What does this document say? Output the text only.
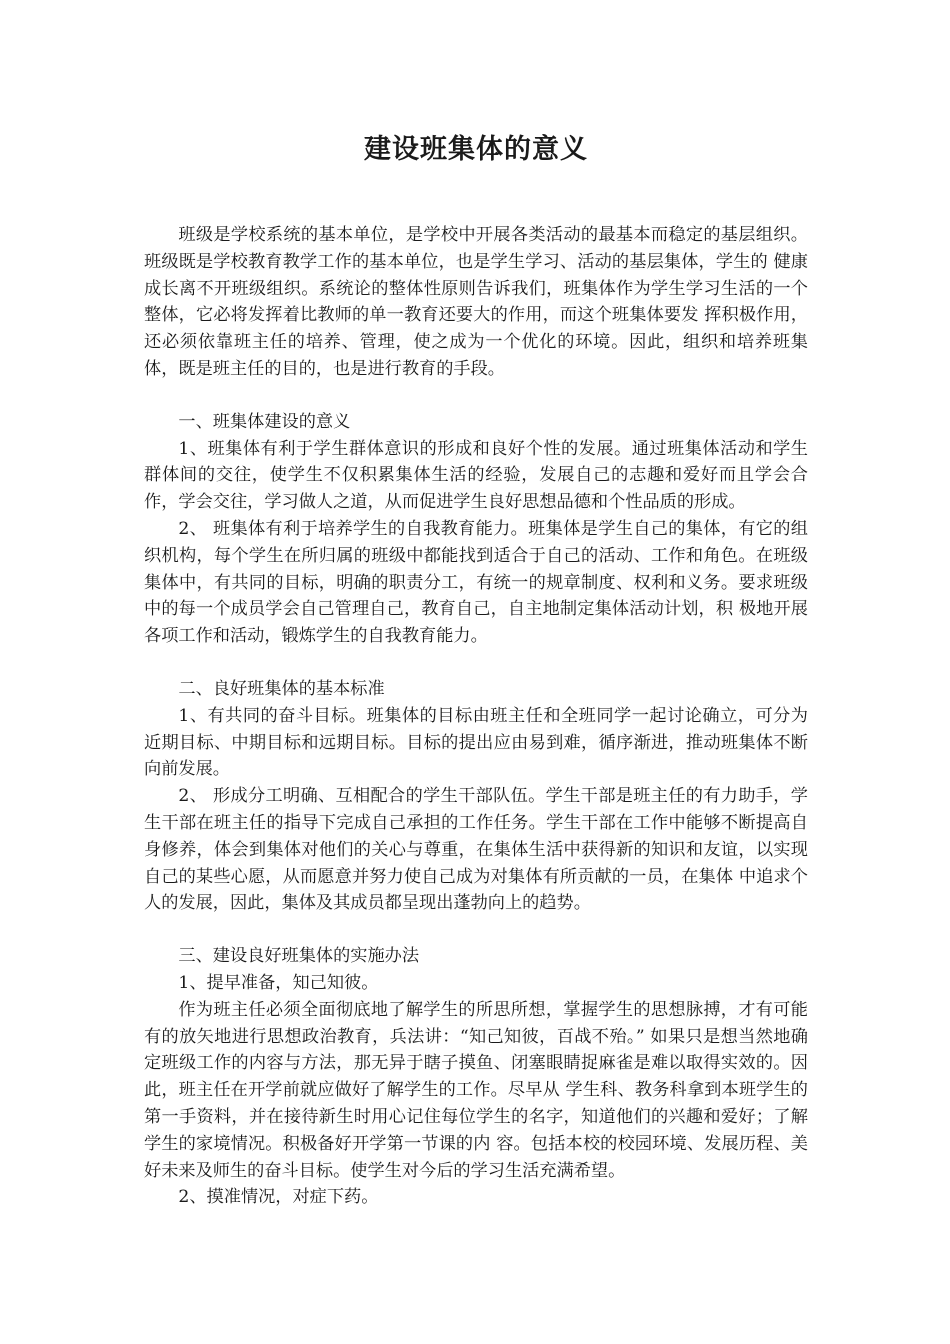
建设班集体的意义

班级是学校系统的基本单位，是学校中开展各类活动的最基本而稳定的基层组织。班级既是学校教育教学工作的基本单位，也是学生学习、活动的基层集体，学生的 健康成长离不开班级组织。系统论的整体性原则告诉我们，班集体作为学生学习生活的一个整体，它必将发挥着比教师的单一教育还要大的作用，而这个班集体要发 挥积极作用，还必须依靠班主任的培养、管理，使之成为一个优化的环境。因此，组织和培养班集体，既是班主任的目的，也是进行教育的手段。

一、班集体建设的意义

1、班集体有利于学生群体意识的形成和良好个性的发展。通过班集体活动和学生群体间的交往，使学生不仅积累集体生活的经验，发展自己的志趣和爱好而且学会合作，学会交往，学习做人之道，从而促进学生良好思想品德和个性品质的形成。

2、 班集体有利于培养学生的自我教育能力。班集体是学生自己的集体，有它的组织机构，每个学生在所归属的班级中都能找到适合于自己的活动、工作和角色。在班级 集体中，有共同的目标，明确的职责分工，有统一的规章制度、权利和义务。要求班级中的每一个成员学会自己管理自己，教育自己，自主地制定集体活动计划，积 极地开展各项工作和活动，锻炼学生的自我教育能力。

二、良好班集体的基本标准

1、有共同的奋斗目标。班集体的目标由班主任和全班同学一起讨论确立，可分为近期目标、中期目标和远期目标。目标的提出应由易到难，循序渐进，推动班集体不断向前发展。

2、 形成分工明确、互相配合的学生干部队伍。学生干部是班主任的有力助手，学生干部在班主任的指导下完成自己承担的工作任务。学生干部在工作中能够不断提高自 身修养，体会到集体对他们的关心与尊重，在集体生活中获得新的知识和友谊，以实现自己的某些心愿，从而愿意并努力使自己成为对集体有所贡献的一员，在集体 中追求个人的发展，因此，集体及其成员都呈现出蓬勃向上的趋势。

三、建设良好班集体的实施办法

1、提早准备，知己知彼。

作为班主任必须全面彻底地了解学生的所思所想，掌握学生的思想脉搏，才有可能有的放矢地进行思想政治教育，兵法讲：“知己知彼，百战不殆。” 如果只是想当然地确定班级工作的内容与方法，那无异于瞎子摸鱼、闭塞眼睛捉麻雀是难以取得实效的。因此，班主任在开学前就应做好了解学生的工作。尽早从 学生科、教务科拿到本班学生的第一手资料，并在接待新生时用心记住每位学生的名字，知道他们的兴趣和爱好；了解学生的家境情况。积极备好开学第一节课的内 容。包括本校的校园环境、发展历程、美好未来及师生的奋斗目标。使学生对今后的学习生活充满希望。

2、摸准情况，对症下药。
